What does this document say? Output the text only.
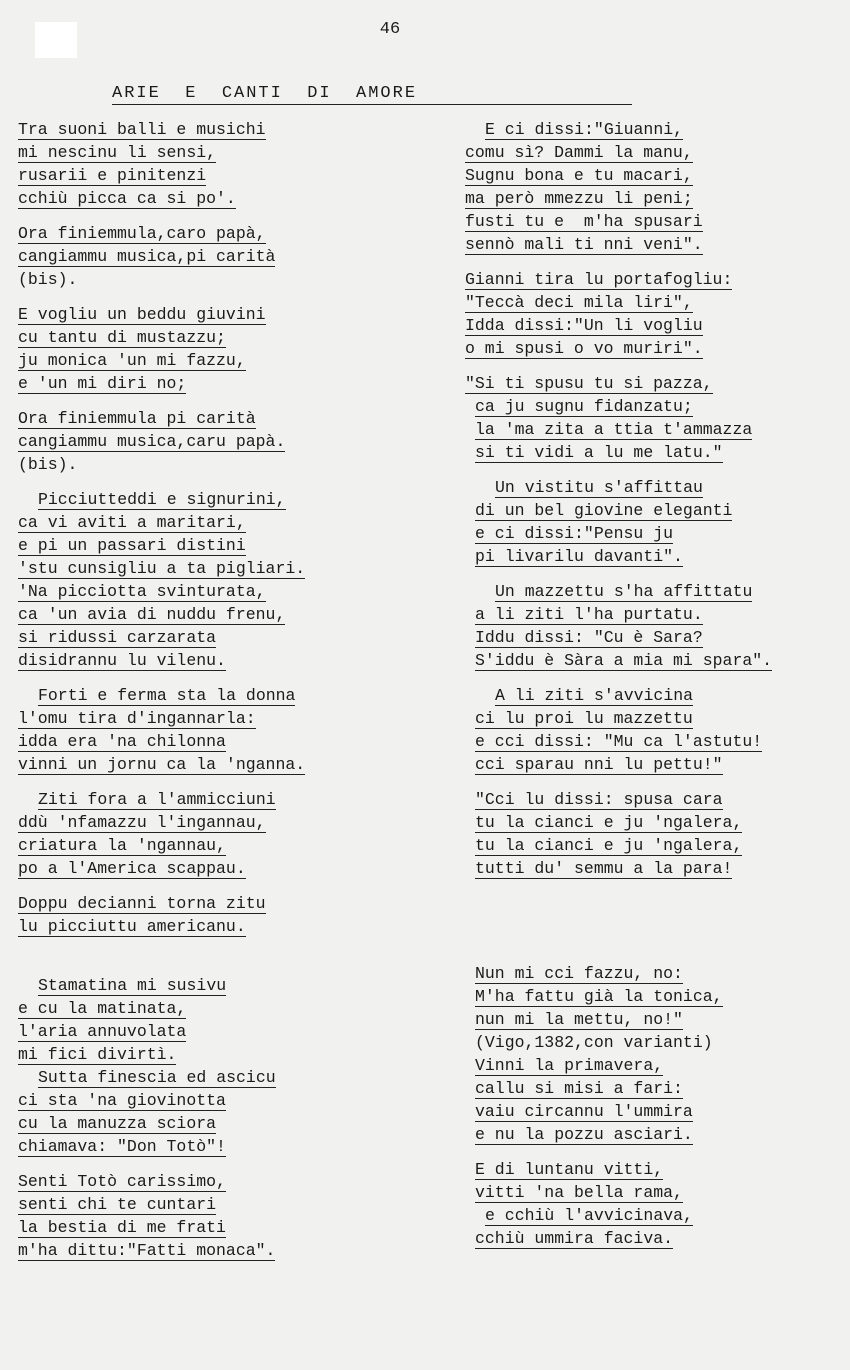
46
ARIE  E  CANTI  DI  AMORE
Tra suoni balli e musichi
mi nescinu li sensi,
rusarii e pinitenzi
cchiù picca ca si po'.
Ora finiemmula,caro papà,
cangiammu musica,pi carità
(bis).
E vogliu un beddu giuvini
cu tantu di mustazzu;
ju monica 'un mi fazzu,
e 'un mi diri no;
Ora finiemmula pi carità
cangiammu musica,caru papà.
(bis).
Picciutteddi e signurini,
ca vi aviti a maritari,
e pi un passari distini
'stu cunsigliu a ta pigliari.
'Na picciotta svinturata,
ca 'un avia di nuddu frenu,
si ridussi carzarata
disidrannu lu vilenu.
Forti e ferma sta la donna
l'omu tira d'ingannarla:
idda era 'na chilonna
vinni un jornu ca la 'nganna.
Ziti fora a l'ammicciuni
ddù 'nfamazzu l'ingannau,
criatura la 'ngannau,
po a l'America scappau.
Doppu decianni torna zitu
lu picciuttu americanu.
Stamatina mi susivu
e cu la matinata,
l'aria annuvolata
mi fici divirtì.
Sutta finescia ed ascicu
ci sta 'na giovinotta
cu la manuzza sciora
chiamava: "Don Totò"!
Senti Totò carissimo,
senti chi te cuntari
la bestia di me frati
m'ha dittu:"Fatti monaca".
E ci dissi:"Giuanni,
comu sì? Dammi la manu,
Sugnu bona e tu macari,
ma però mmezzu li peni;
fusti tu e  m'ha spusari
sennò mali ti nni veni".
Gianni tira lu portafogliu:
"Teccà deci mila liri",
Idda dissi:"Un li vogliu
o mi spusi o vo muriri".
"Si ti spusu tu si pazza,
ca ju sugnu fidanzatu;
la 'ma zita a ttia t'ammazza
si ti vidi a lu me latu."
Un vistitu s'affittau
di un bel giovine eleganti
e ci dissi:"Pensu ju
pi livarilu davanti".
Un mazzettu s'ha affittatu
a li ziti l'ha purtatu.
Iddu dissi: "Cu è Sara?
S'iddu è Sàra a mia mi spara".
A li ziti s'avvicina
ci lu proi lu mazzettu
e cci dissi: "Mu ca l'astutu!
cci sparau nni lu pettu!"
"Cci lu dissi: spusa cara
tu la cianci e ju 'ngalera,
tu la cianci e ju 'ngalera,
tutti du' semmu a la para!
Nun mi cci fazzu, no:
M'ha fattu già la tonica,
nun mi la mettu, no!"
(Vigo,1382,con varianti)
Vinni la primavera,
callu si misi a fari:
vaiu circannu l'ummira
e nu la pozzu asciari.
E di luntanu vitti,
vitti 'na bella rama,
e cchiù l'avvicinava,
cchiù ummira faciva.
